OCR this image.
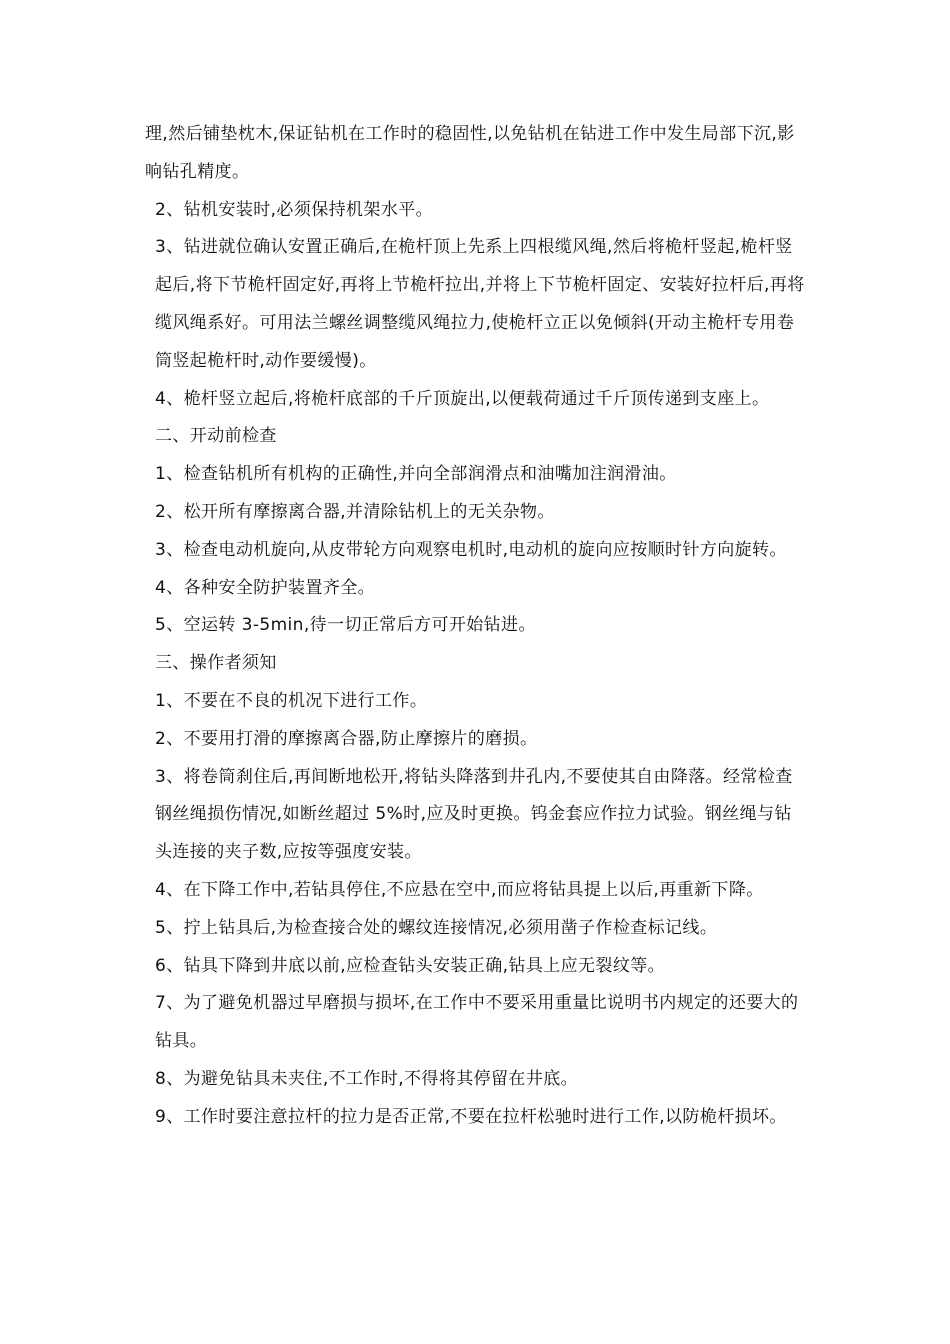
理,然后铺垫枕木,保证钻机在工作时的稳固性,以免钻机在钻进工作中发生局部下沉,影响钻孔精度。

2、钻机安装时,必须保持机架水平。

3、钻进就位确认安置正确后,在桅杆顶上先系上四根缆风绳,然后将桅杆竖起,桅杆竖起后,将下节桅杆固定好,再将上节桅杆拉出,并将上下节桅杆固定、安装好拉杆后,再将缆风绳系好。可用法兰螺丝调整缆风绳拉力,使桅杆立正以免倾斜(开动主桅杆专用卷筒竖起桅杆时,动作要缓慢)。

4、桅杆竖立起后,将桅杆底部的千斤顶旋出,以便载荷通过千斤顶传递到支座上。

二、开动前检查

1、检查钻机所有机构的正确性,并向全部润滑点和油嘴加注润滑油。

2、松开所有摩擦离合器,并清除钻机上的无关杂物。

3、检查电动机旋向,从皮带轮方向观察电机时,电动机的旋向应按顺时针方向旋转。

4、各种安全防护装置齐全。

5、空运转 3-5min,待一切正常后方可开始钻进。

三、操作者须知

1、不要在不良的机况下进行工作。

2、不要用打滑的摩擦离合器,防止摩擦片的磨损。

3、将卷筒刹住后,再间断地松开,将钻头降落到井孔内,不要使其自由降落。经常检查钢丝绳损伤情况,如断丝超过 5%时,应及时更换。钨金套应作拉力试验。钢丝绳与钻头连接的夹子数,应按等强度安装。

4、在下降工作中,若钻具停住,不应悬在空中,而应将钻具提上以后,再重新下降。

5、拧上钻具后,为检查接合处的螺纹连接情况,必须用凿子作检查标记线。

6、钻具下降到井底以前,应检查钻头安装正确,钻具上应无裂纹等。

7、为了避免机器过早磨损与损坏,在工作中不要采用重量比说明书内规定的还要大的钻具。

8、为避免钻具未夹住,不工作时,不得将其停留在井底。

9、工作时要注意拉杆的拉力是否正常,不要在拉杆松驰时进行工作,以防桅杆损坏。
